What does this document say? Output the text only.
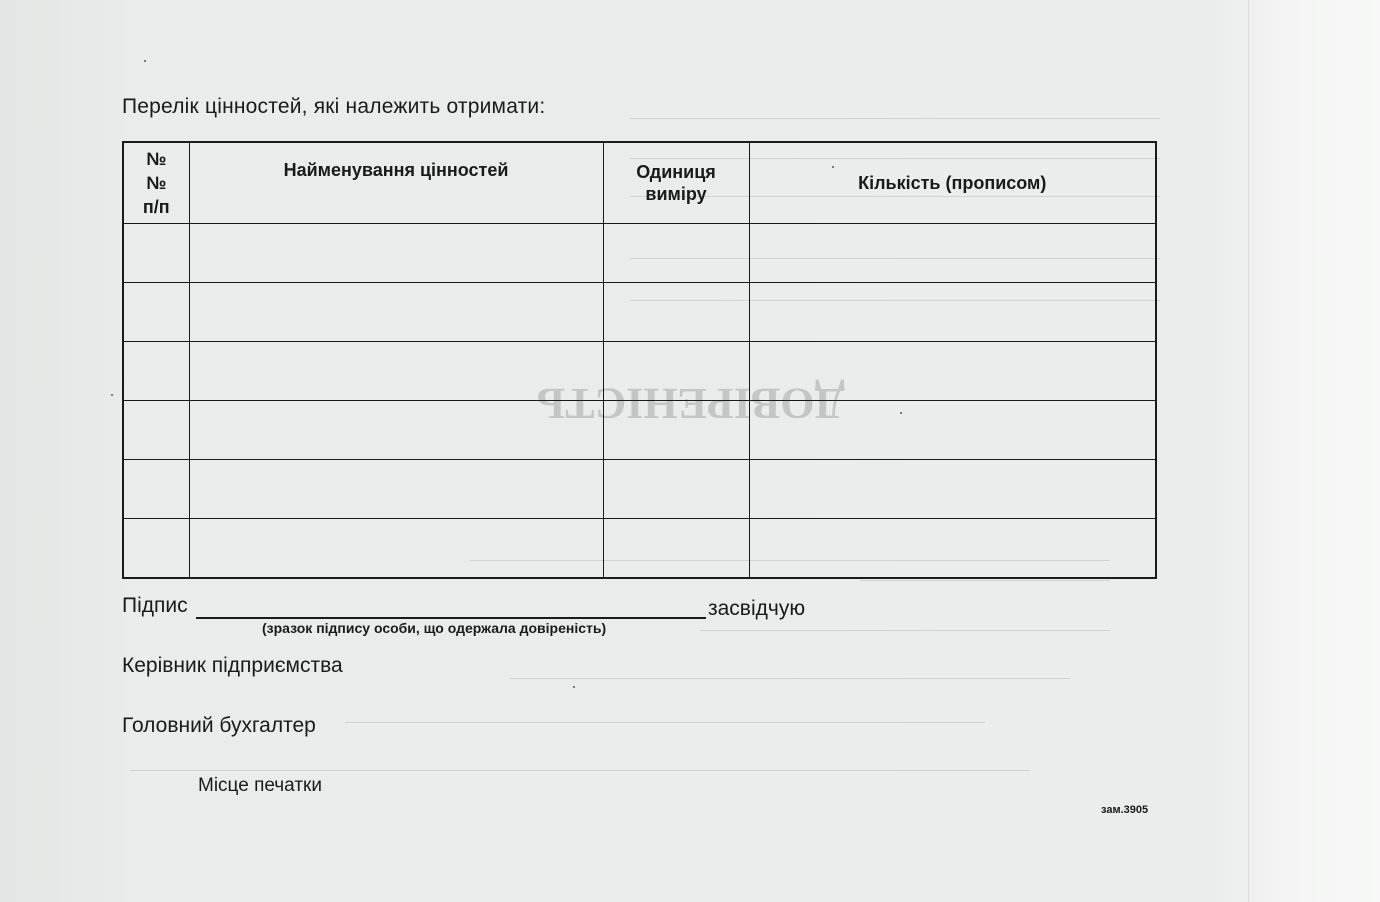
ДОВІРЕНІСТЬ
Перелік цінностей, які належить отримати:
№№ п/п	Найменування цінностей	Одиниця виміру	Кількість (прописом)

Підпис	засвідчую
(зразок підпису особи, що одержала довіреність)
Керівник підприємства
Головний бухгалтер
Місце печатки
зам.3905
